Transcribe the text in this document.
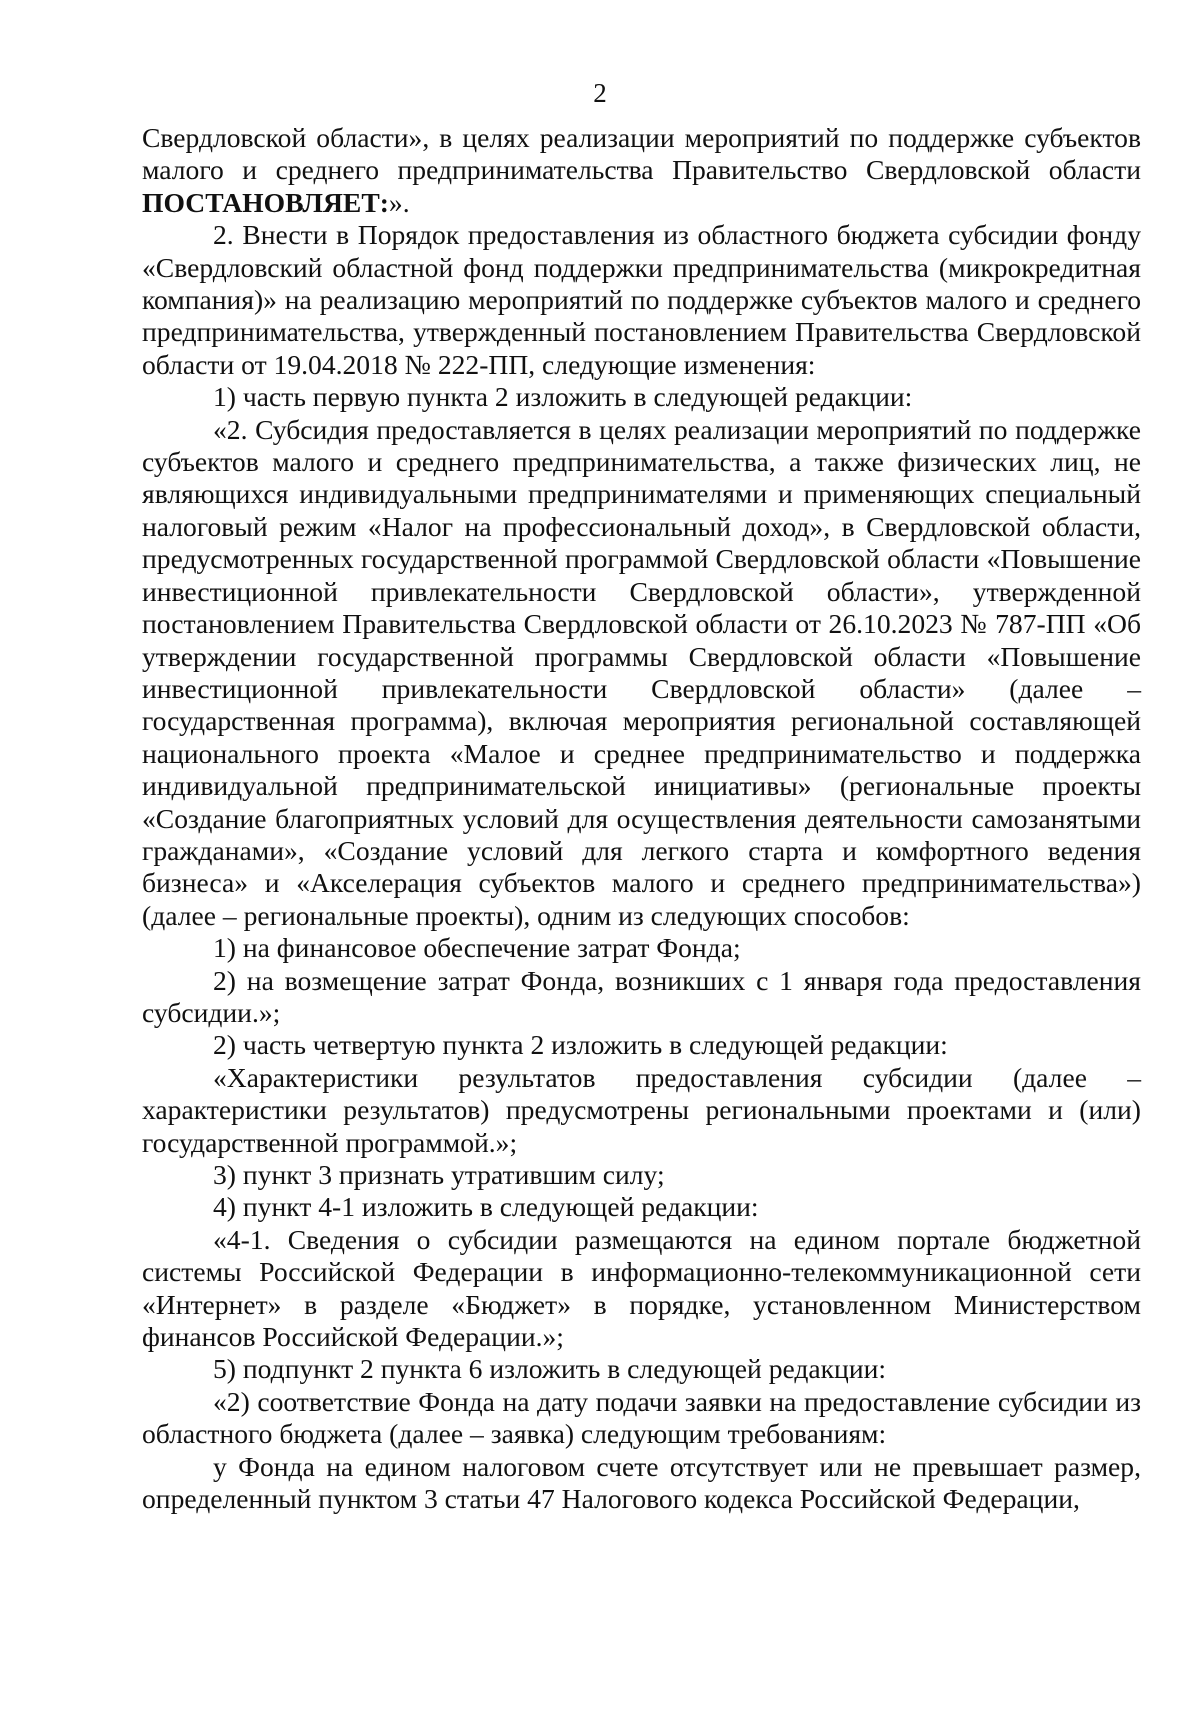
2

Свердловской области», в целях реализации мероприятий по поддержке субъектов малого и среднего предпринимательства Правительство Свердловской области ПОСТАНОВЛЯЕТ:».

2. Внести в Порядок предоставления из областного бюджета субсидии фонду «Свердловский областной фонд поддержки предпринимательства (микрокредитная компания)» на реализацию мероприятий по поддержке субъектов малого и среднего предпринимательства, утвержденный постановлением Правительства Свердловской области от 19.04.2018 № 222-ПП, следующие изменения:

1) часть первую пункта 2 изложить в следующей редакции:

«2. Субсидия предоставляется в целях реализации мероприятий по поддержке субъектов малого и среднего предпринимательства, а также физических лиц, не являющихся индивидуальными предпринимателями и применяющих специальный налоговый режим «Налог на профессиональный доход», в Свердловской области, предусмотренных государственной программой Свердловской области «Повышение инвестиционной привлекательности Свердловской области», утвержденной постановлением Правительства Свердловской области от 26.10.2023 № 787-ПП «Об утверждении государственной программы Свердловской области «Повышение инвестиционной привлекательности Свердловской области» (далее – государственная программа), включая мероприятия региональной составляющей национального проекта «Малое и среднее предпринимательство и поддержка индивидуальной предпринимательской инициативы» (региональные проекты «Создание благоприятных условий для осуществления деятельности самозанятыми гражданами», «Создание условий для легкого старта и комфортного ведения бизнеса» и «Акселерация субъектов малого и среднего предпринимательства») (далее – региональные проекты), одним из следующих способов:

1) на финансовое обеспечение затрат Фонда;

2) на возмещение затрат Фонда, возникших с 1 января года предоставления субсидии.»;

2) часть четвертую пункта 2 изложить в следующей редакции:

«Характеристики результатов предоставления субсидии (далее – характеристики результатов) предусмотрены региональными проектами и (или) государственной программой.»;

3) пункт 3 признать утратившим силу;

4) пункт 4-1 изложить в следующей редакции:

«4-1. Сведения о субсидии размещаются на едином портале бюджетной системы Российской Федерации в информационно-телекоммуникационной сети «Интернет» в разделе «Бюджет» в порядке, установленном Министерством финансов Российской Федерации.»;

5) подпункт 2 пункта 6 изложить в следующей редакции:

«2) соответствие Фонда на дату подачи заявки на предоставление субсидии из областного бюджета (далее – заявка) следующим требованиям:

у Фонда на едином налоговом счете отсутствует или не превышает размер, определенный пунктом 3 статьи 47 Налогового кодекса Российской Федерации,
